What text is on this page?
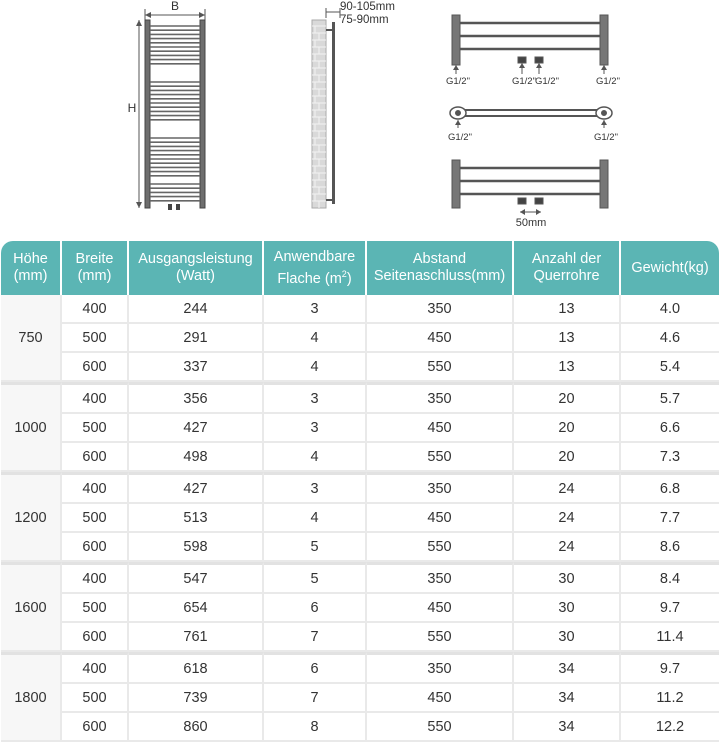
B
H
90-105mm
75-90mm
G1/2"	G1/2" G1/2"	G1/2"
G1/2"	G1/2"
50mm
Höhe (mm)	Breite (mm)	Ausgangsleistung (Watt)	Anwendbare Flache $(m^2)$	Abstand Seitenaschluss(mm)	Anzahl der Querrohre	Gewicht(kg)
750	400	244	3	350	13	4.0
	500	291	4	450	13	4.6
	600	337	4	550	13	5.4
1000	400	356	3	350	20	5.7
	500	427	3	450	20	6.6
	600	498	4	550	20	7.3
1200	400	427	3	350	24	6.8
	500	513	4	450	24	7.7
	600	598	5	550	24	8.6
1600	400	547	5	350	30	8.4
	500	654	6	450	30	9.7
	600	761	7	550	30	11.4
1800	400	618	6	350	34	9.7
	500	739	7	450	34	11.2
	600	860	8	550	34	12.2
